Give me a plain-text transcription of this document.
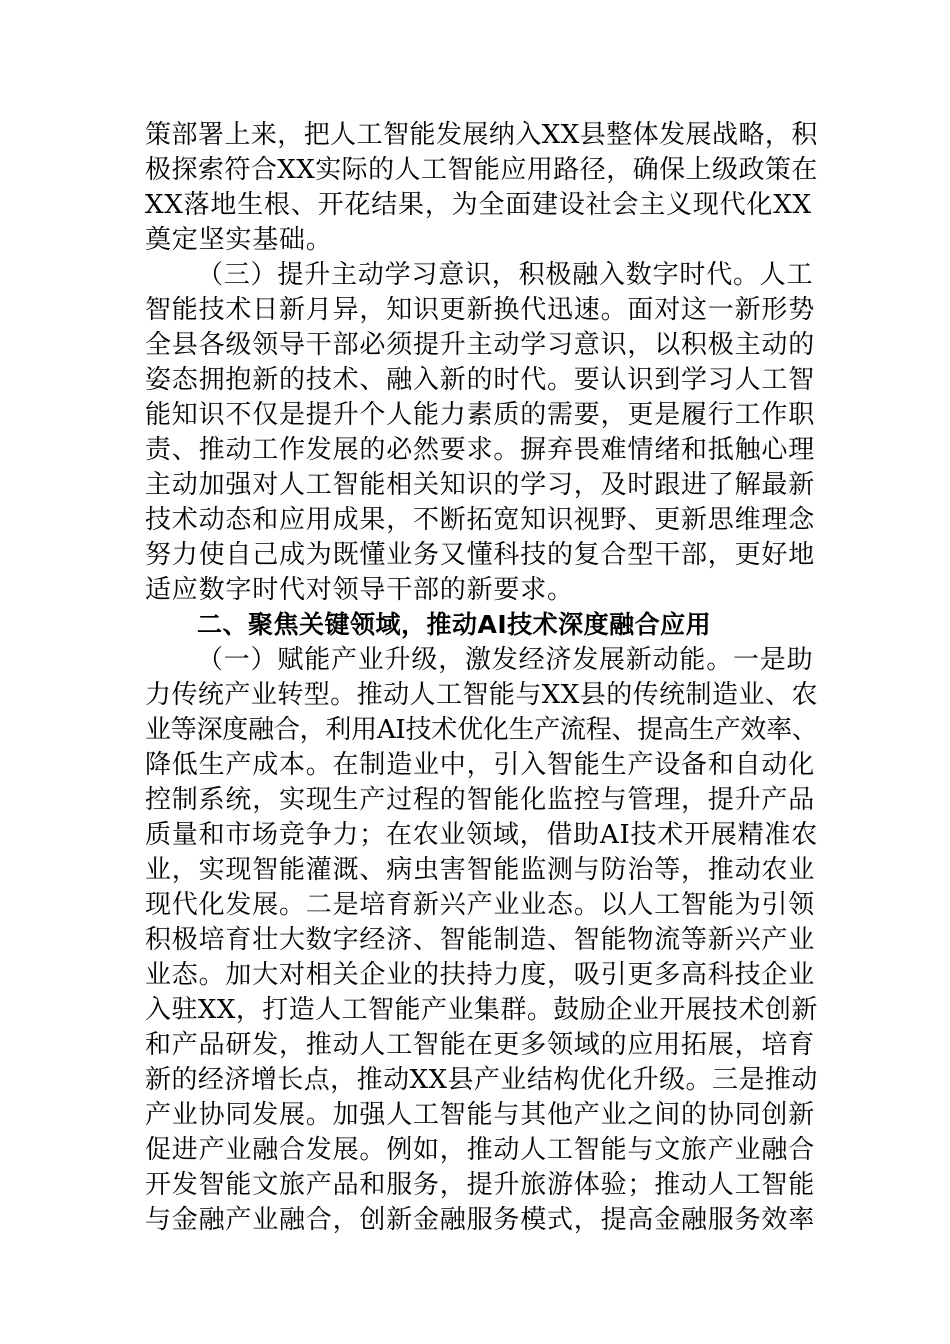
策部署上来，把人工智能发展纳入XX县整体发展战略，积
极探索符合XX实际的人工智能应用路径，确保上级政策在
XX落地生根、开花结果，为全面建设社会主义现代化XX
奠定坚实基础。
（三）提升主动学习意识，积极融入数字时代。人工
智能技术日新月异，知识更新换代迅速。面对这一新形势
全县各级领导干部必须提升主动学习意识，以积极主动的
姿态拥抱新的技术、融入新的时代。要认识到学习人工智
能知识不仅是提升个人能力素质的需要，更是履行工作职
责、推动工作发展的必然要求。摒弃畏难情绪和抵触心理
主动加强对人工智能相关知识的学习，及时跟进了解最新
技术动态和应用成果，不断拓宽知识视野、更新思维理念
努力使自己成为既懂业务又懂科技的复合型干部，更好地
适应数字时代对领导干部的新要求。
二、聚焦关键领域，推动AI技术深度融合应用
（一）赋能产业升级，激发经济发展新动能。一是助
力传统产业转型。推动人工智能与XX县的传统制造业、农
业等深度融合，利用AI技术优化生产流程、提高生产效率、
降低生产成本。在制造业中，引入智能生产设备和自动化
控制系统，实现生产过程的智能化监控与管理，提升产品
质量和市场竞争力；在农业领域，借助AI技术开展精准农
业，实现智能灌溉、病虫害智能监测与防治等，推动农业
现代化发展。二是培育新兴产业业态。以人工智能为引领
积极培育壮大数字经济、智能制造、智能物流等新兴产业
业态。加大对相关企业的扶持力度，吸引更多高科技企业
入驻XX，打造人工智能产业集群。鼓励企业开展技术创新
和产品研发，推动人工智能在更多领域的应用拓展，培育
新的经济增长点，推动XX县产业结构优化升级。三是推动
产业协同发展。加强人工智能与其他产业之间的协同创新
促进产业融合发展。例如，推动人工智能与文旅产业融合
开发智能文旅产品和服务，提升旅游体验；推动人工智能
与金融产业融合，创新金融服务模式，提高金融服务效率
